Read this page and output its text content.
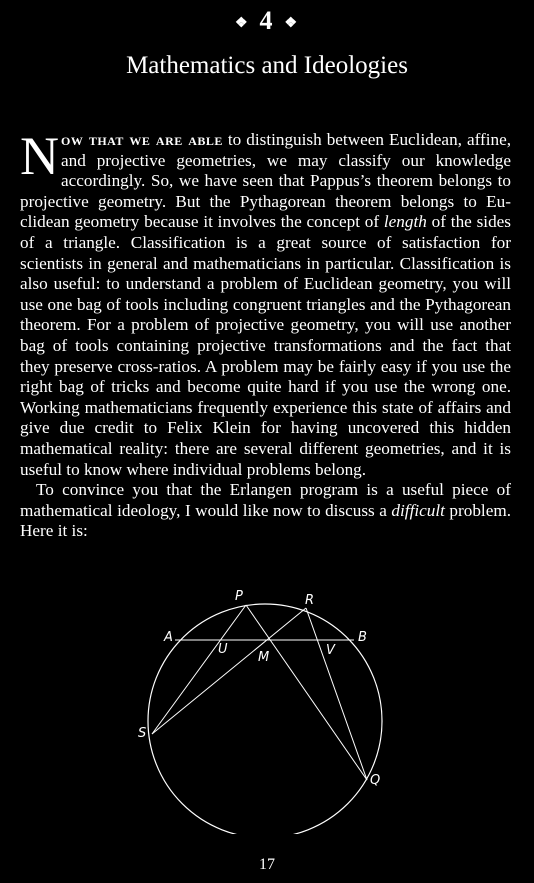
❖ 4 ❖
Mathematics and Ideologies

Now that we are able to distinguish between Euclidean, affine, and projective geometries, we may classify our knowledge accordingly. So, we have seen that Pappus’s theorem belongs to projective geometry. But the Pythagorean theorem belongs to Euclidean geometry because it involves the concept of length of the sides of a triangle. Classification is a great source of satisfaction for scientists in general and mathematicians in particular. Classification is also useful: to understand a problem of Euclidean geometry, you will use one bag of tools including congruent triangles and the Pythagorean theorem. For a problem of projective geometry, you will use another bag of tools containing projective transformations and the fact that they preserve cross-ratios. A problem may be fairly easy if you use the right bag of tricks and become quite hard if you use the wrong one. Working mathematicians frequently experience this state of affairs and give due credit to Felix Klein for having uncovered this hidden mathematical reality: there are several different geometries, and it is useful to know where individual problems belong.

To convince you that the Erlangen program is a useful piece of mathematical ideology, I would like now to discuss a difficult problem. Here it is:

P	R
A	B
U
M	V
S
Q
17
